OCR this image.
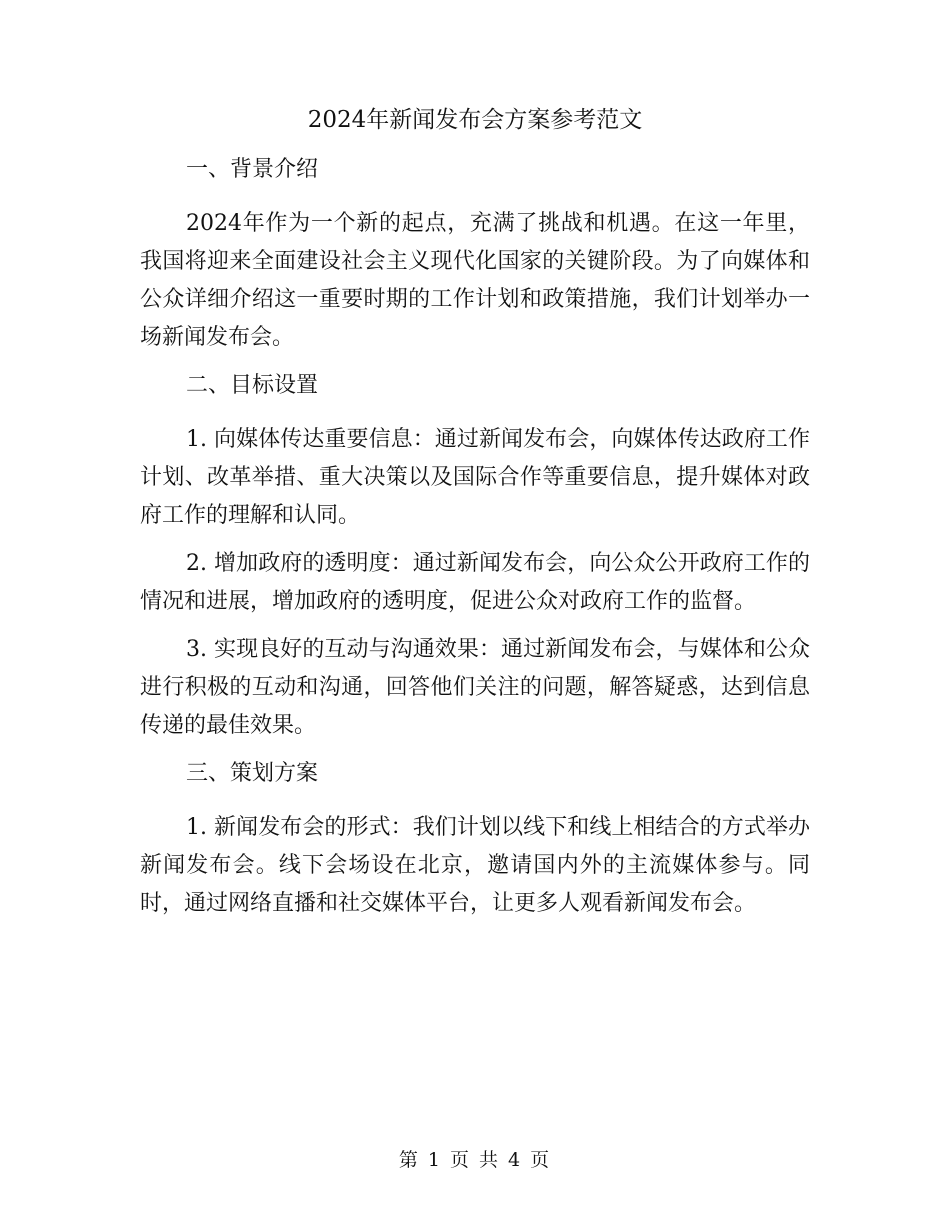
2024年新闻发布会方案参考范文
一、背景介绍

2024年作为一个新的起点，充满了挑战和机遇。在这一年里，我国将迎来全面建设社会主义现代化国家的关键阶段。为了向媒体和公众详细介绍这一重要时期的工作计划和政策措施，我们计划举办一场新闻发布会。

二、目标设置

1. 向媒体传达重要信息：通过新闻发布会，向媒体传达政府工作计划、改革举措、重大决策以及国际合作等重要信息，提升媒体对政府工作的理解和认同。

2. 增加政府的透明度：通过新闻发布会，向公众公开政府工作的情况和进展，增加政府的透明度，促进公众对政府工作的监督。

3. 实现良好的互动与沟通效果：通过新闻发布会，与媒体和公众进行积极的互动和沟通，回答他们关注的问题，解答疑惑，达到信息传递的最佳效果。

三、策划方案

1. 新闻发布会的形式：我们计划以线下和线上相结合的方式举办新闻发布会。线下会场设在北京，邀请国内外的主流媒体参与。同时，通过网络直播和社交媒体平台，让更多人观看新闻发布会。

第 1 页 共 4 页
